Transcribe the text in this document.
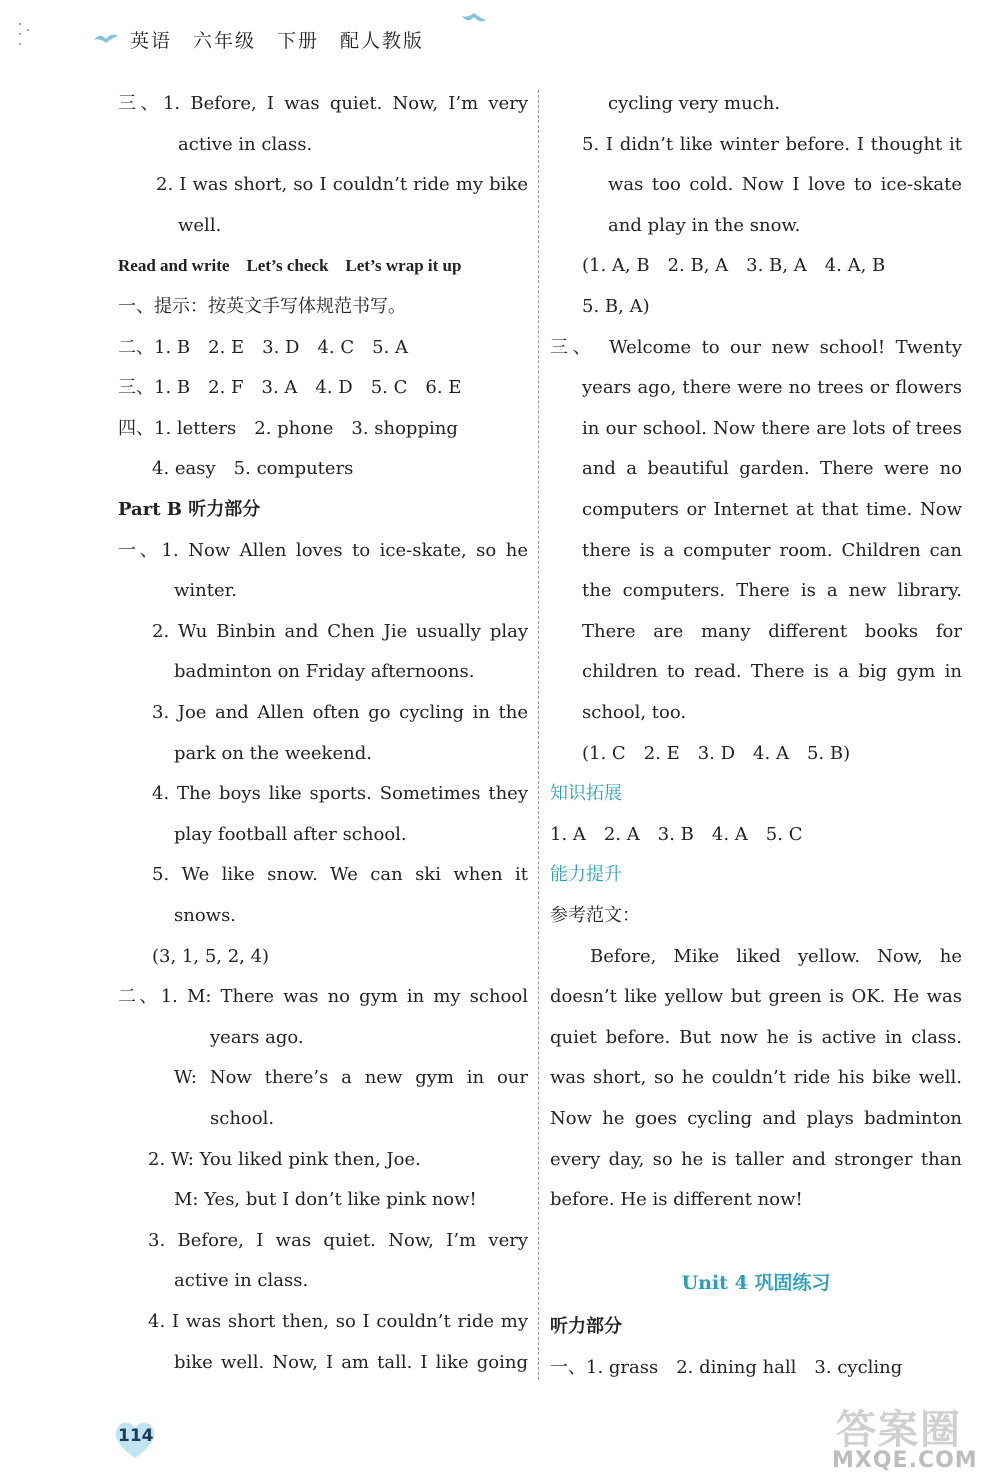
英语　六年级　下册　配人教版
三、1. Before, I was quiet. Now, I’m very
active in class.
2. I was short, so I couldn’t ride my bike
well.
Read and write　Let’s check　Let’s wrap it up
一、提示：按英文手写体规范书写。
二、1. B　2. E　3. D　4. C　5. A
三、1. B　2. F　3. A　4. D　5. C　6. E
四、1. letters　2. phone　3. shopping
4. easy　5. computers
Part B 听力部分
一、1. Now Allen loves to ice-skate, so he
winter.
2. Wu Binbin and Chen Jie usually play
badminton on Friday afternoons.
3. Joe and Allen often go cycling in the
park on the weekend.
4. The boys like sports. Sometimes they
play football after school.
5. We like snow. We can ski when it
snows.
(3, 1, 5, 2, 4)
二、1. M: There was no gym in my school
years ago.
W: Now there’s a new gym in our
school.
2. W: You liked pink then, Joe.
M: Yes, but I don’t like pink now!
3. Before, I was quiet. Now, I’m very
active in class.
4. I was short then, so I couldn’t ride my
bike well. Now, I am tall. I like going
cycling very much.
5. I didn’t like winter before. I thought it
was too cold. Now I love to ice-skate
and play in the snow.
(1. A, B　2. B, A　3. B, A　4. A, B
5. B, A)
三、　Welcome to our new school! Twenty
years ago, there were no trees or flowers
in our school. Now there are lots of trees
and a beautiful garden. There were no
computers or Internet at that time. Now
there is a computer room. Children can
the computers. There is a new library.
There are many different books for
children to read. There is a big gym in
school, too.
(1. C　2. E　3. D　4. A　5. B)
知识拓展
1. A　2. A　3. B　4. A　5. C
能力提升
参考范文：
Before, Mike liked yellow. Now, he
doesn’t like yellow but green is OK. He was
quiet before. But now he is active in class.
was short, so he couldn’t ride his bike well.
Now he goes cycling and plays badminton
every day, so he is taller and stronger than
before. He is different now!
Unit 4 巩固练习
听力部分
一、1. grass　2. dining hall　3. cycling
114	答案圈
MXQE.COM
